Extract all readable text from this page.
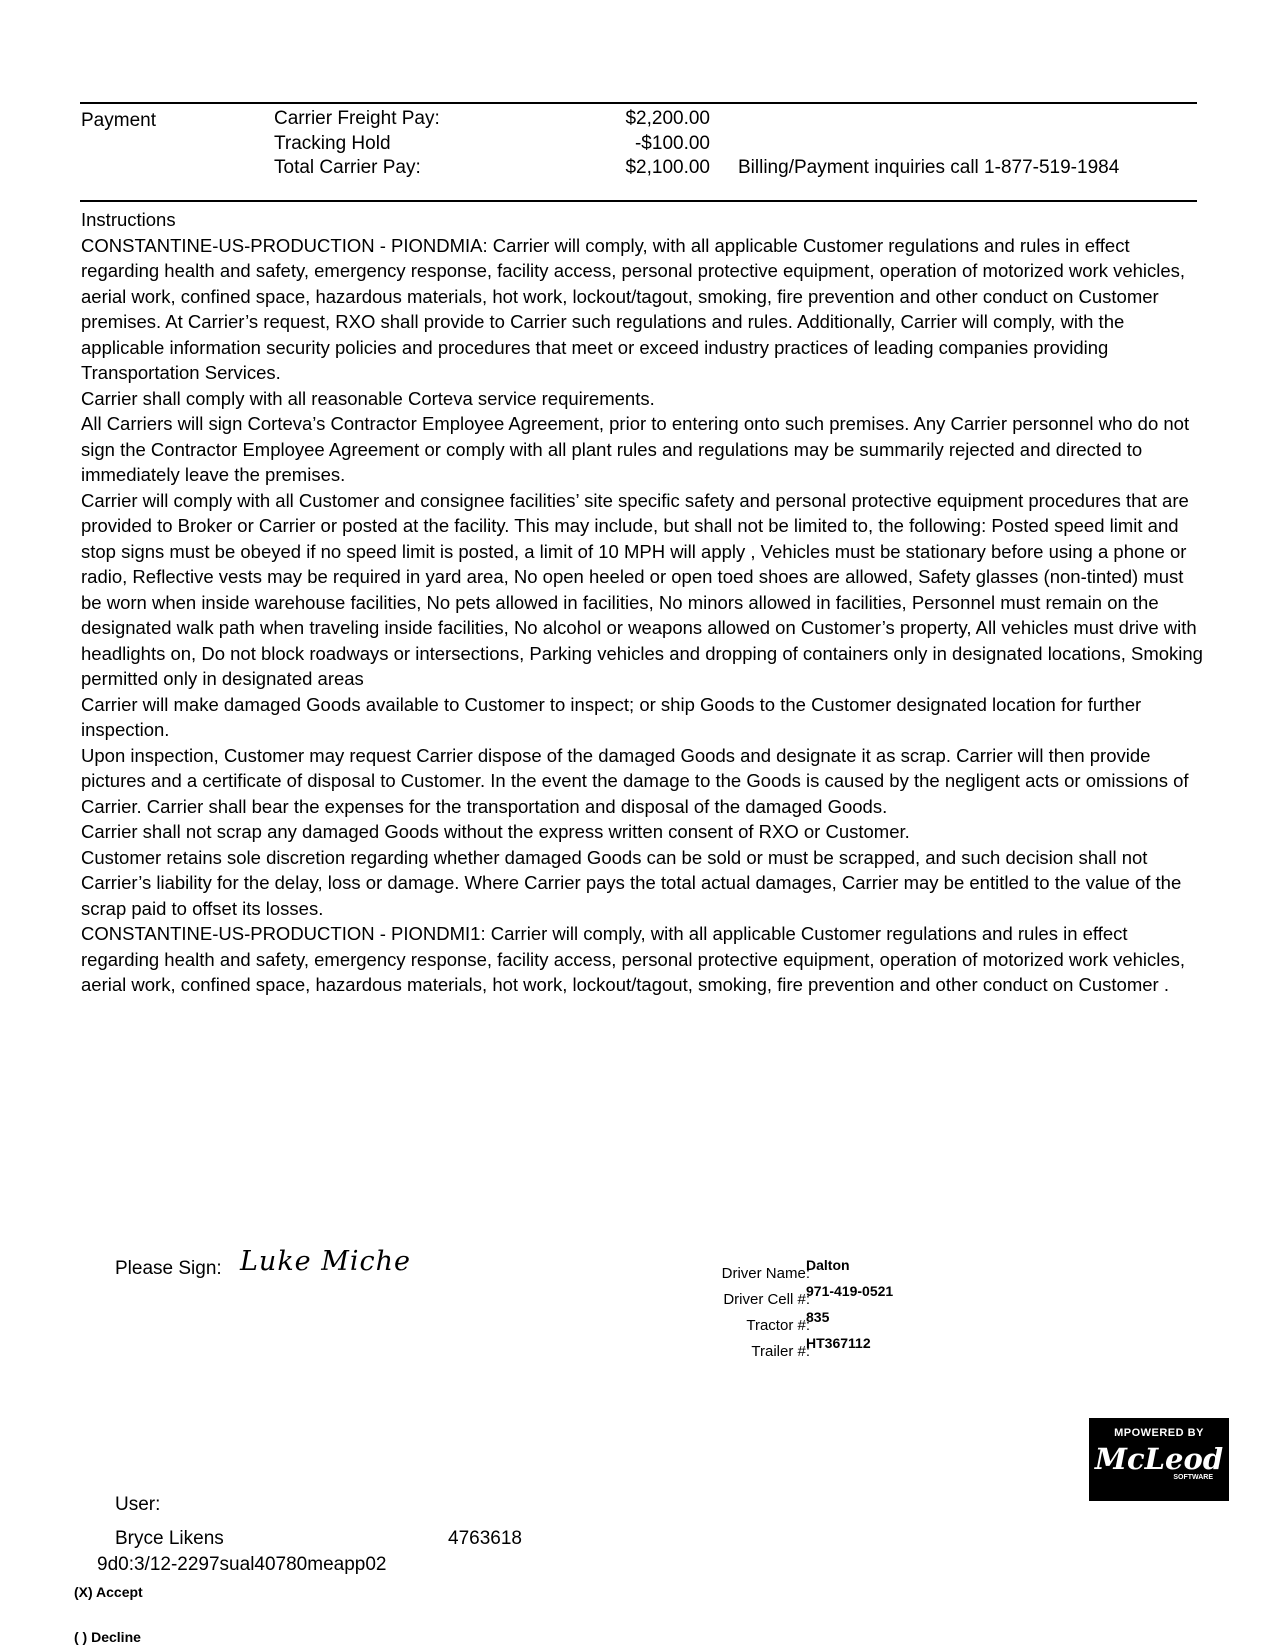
Payment	Carrier Freight Pay:	$2,200.00
Tracking Hold	-$100.00
Total Carrier Pay:	$2,100.00 Billing/Payment inquiries call 1-877-519-1984

Instructions

CONSTANTINE-US-PRODUCTION - PIONDMIA: Carrier will comply, with all applicable Customer regulations and rules in effect regarding health and safety, emergency response, facility access, personal protective equipment, operation of motorized work vehicles, aerial work, confined space, hazardous materials, hot work, lockout/tagout, smoking, fire prevention and other conduct on Customer premises. At Carrier’s request, RXO shall provide to Carrier such regulations and rules. Additionally, Carrier will comply, with the applicable information security policies and procedures that meet or exceed industry practices of leading companies providing Transportation Services.

Carrier shall comply with all reasonable Corteva service requirements.

All Carriers will sign Corteva’s Contractor Employee Agreement, prior to entering onto such premises. Any Carrier personnel who do not sign the Contractor Employee Agreement or comply with all plant rules and regulations may be summarily rejected and directed to immediately leave the premises.

Carrier will comply with all Customer and consignee facilities’ site specific safety and personal protective equipment procedures that are provided to Broker or Carrier or posted at the facility. This may include, but shall not be limited to, the following: Posted speed limit and stop signs must be obeyed if no speed limit is posted, a limit of 10 MPH will apply , Vehicles must be stationary before using a phone or radio, Reflective vests may be required in yard area, No open heeled or open toed shoes are allowed, Safety glasses (non-tinted) must be worn when inside warehouse facilities, No pets allowed in facilities, No minors allowed in facilities, Personnel must remain on the designated walk path when traveling inside facilities, No alcohol or weapons allowed on Customer’s property, All vehicles must drive with headlights on, Do not block roadways or intersections, Parking vehicles and dropping of containers only in designated locations, Smoking permitted only in designated areas

Carrier will make damaged Goods available to Customer to inspect; or ship Goods to the Customer designated location for further inspection.

Upon inspection, Customer may request Carrier dispose of the damaged Goods and designate it as scrap. Carrier will then provide pictures and a certificate of disposal to Customer. In the event the damage to the Goods is caused by the negligent acts or omissions of Carrier. Carrier shall bear the expenses for the transportation and disposal of the damaged Goods.

Carrier shall not scrap any damaged Goods without the express written consent of RXO or Customer.

Customer retains sole discretion regarding whether damaged Goods can be sold or must be scrapped, and such decision shall not Carrier’s liability for the delay, loss or damage. Where Carrier pays the total actual damages, Carrier may be entitled to the value of the scrap paid to offset its losses.

CONSTANTINE-US-PRODUCTION - PIONDMI1: Carrier will comply, with all applicable Customer regulations and rules in effect regarding health and safety, emergency response, facility access, personal protective equipment, operation of motorized work vehicles, aerial work, confined space, hazardous materials, hot work, lockout/tagout, smoking, fire prevention and other conduct on Customer .

Please Sign: Luke Miche	Driver Name:
Dalton
Driver Cell #:
971-419-0521
Tractor #:
835
Trailer #:
HT367112
MPOWERED BY
McLeod
SOFTWARE
User:
Bryce Likens	4763618
9d0:3/12-2297sual40780meapp02
(X) Accept
( ) Decline
